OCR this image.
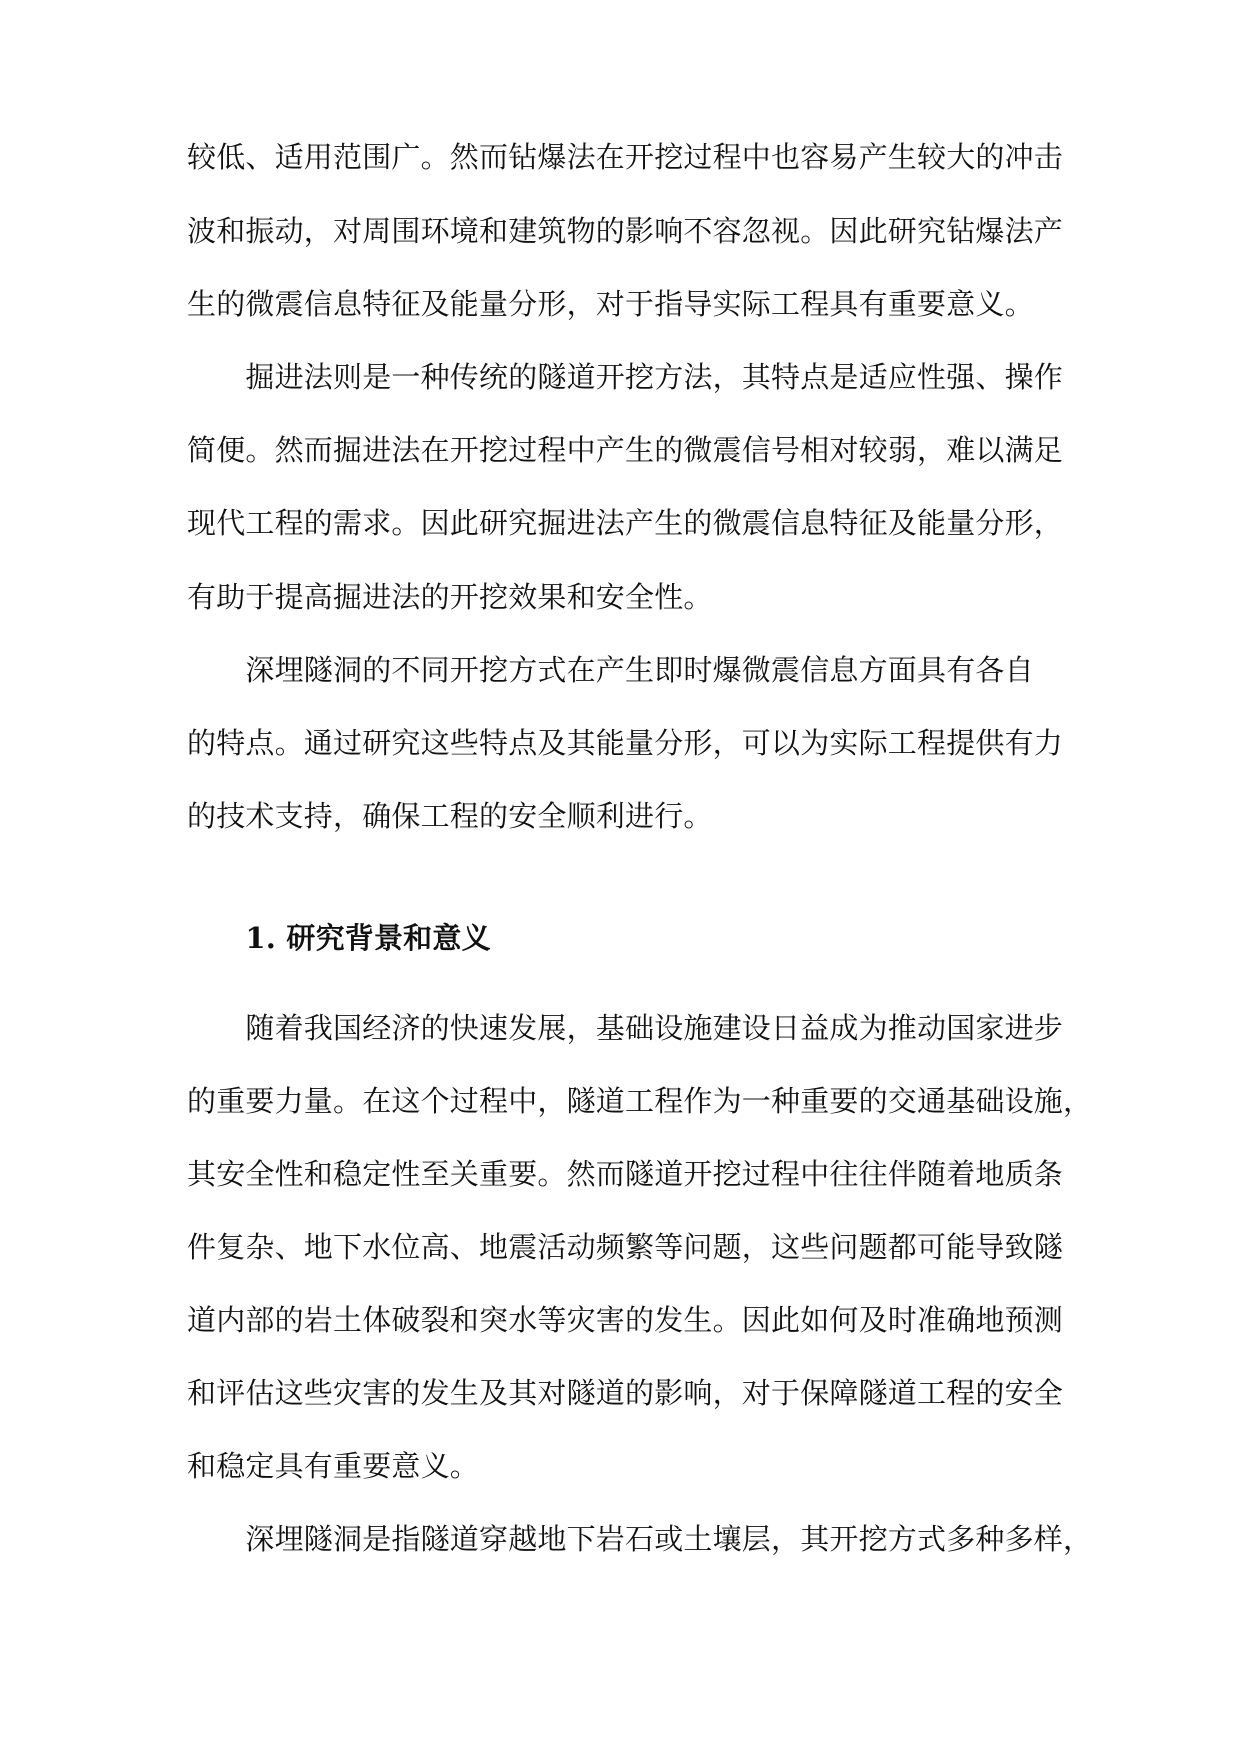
较低、适用范围广。然而钻爆法在开挖过程中也容易产生较大的冲击
波和振动，对周围环境和建筑物的影响不容忽视。因此研究钻爆法产
生的微震信息特征及能量分形，对于指导实际工程具有重要意义。
　　掘进法则是一种传统的隧道开挖方法，其特点是适应性强、操作
简便。然而掘进法在开挖过程中产生的微震信号相对较弱，难以满足
现代工程的需求。因此研究掘进法产生的微震信息特征及能量分形，
有助于提高掘进法的开挖效果和安全性。
　　深埋隧洞的不同开挖方式在产生即时爆微震信息方面具有各自
的特点。通过研究这些特点及其能量分形，可以为实际工程提供有力
的技术支持，确保工程的安全顺利进行。
　　1. 研究背景和意义
　　随着我国经济的快速发展，基础设施建设日益成为推动国家进步
的重要力量。在这个过程中，隧道工程作为一种重要的交通基础设施，
其安全性和稳定性至关重要。然而隧道开挖过程中往往伴随着地质条
件复杂、地下水位高、地震活动频繁等问题，这些问题都可能导致隧
道内部的岩土体破裂和突水等灾害的发生。因此如何及时准确地预测
和评估这些灾害的发生及其对隧道的影响，对于保障隧道工程的安全
和稳定具有重要意义。
　　深埋隧洞是指隧道穿越地下岩石或土壤层，其开挖方式多种多样，
